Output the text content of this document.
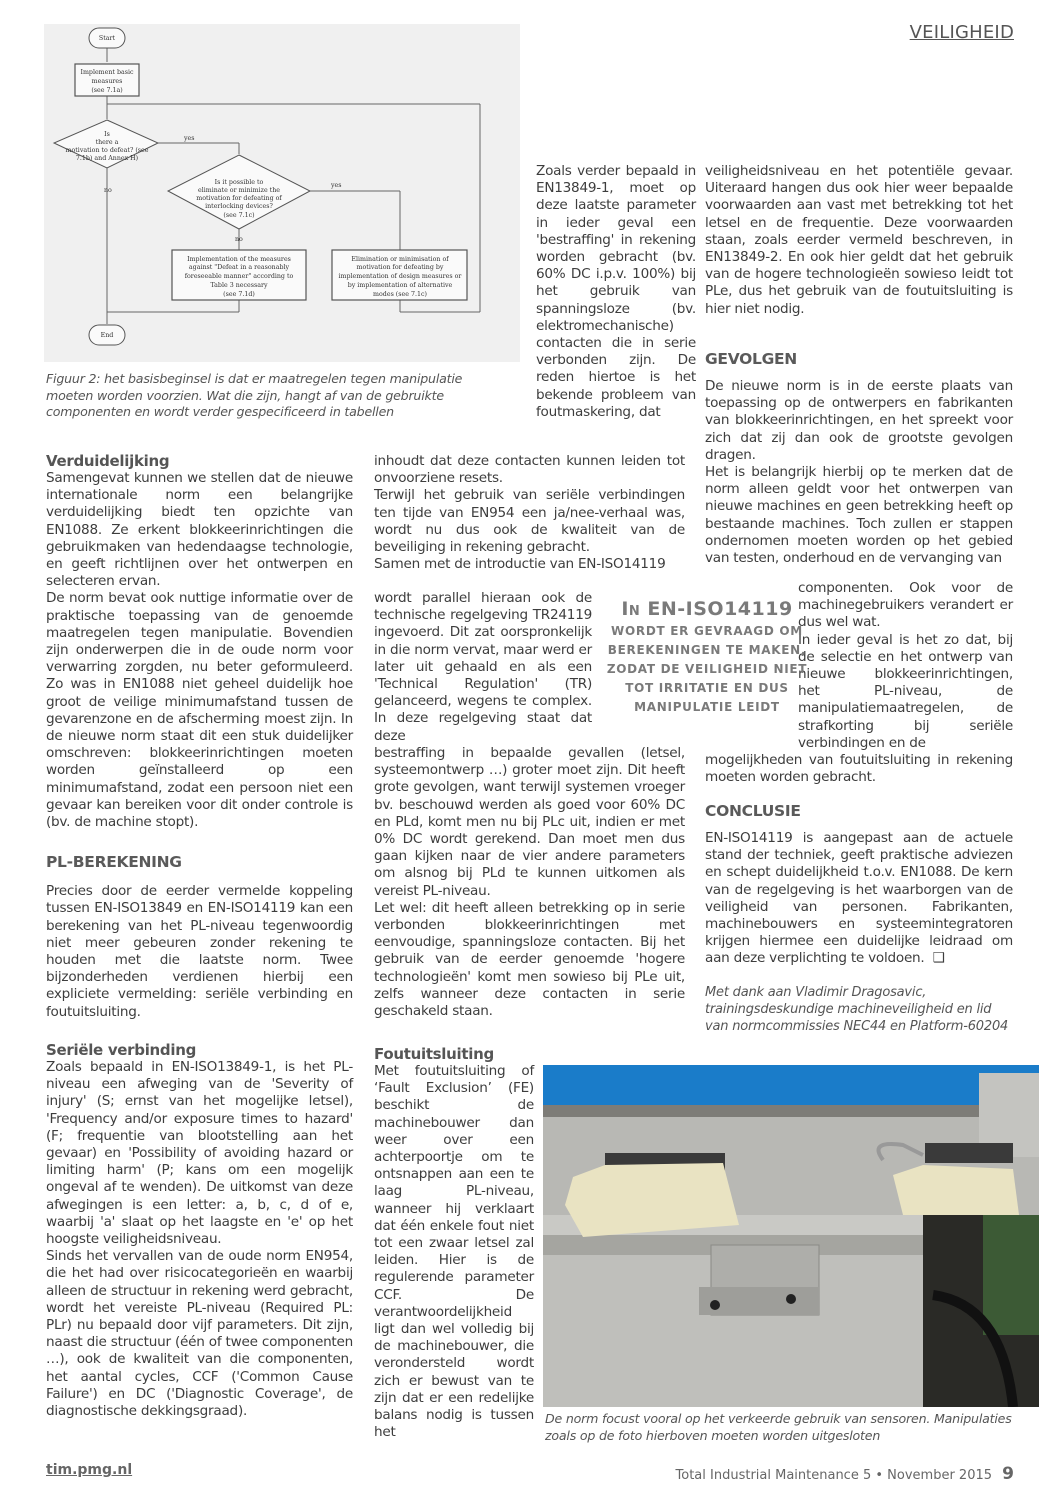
VEILIGHEID
Start
Implement basic
measures
(see 7.1a)
Is
there a
motivation to defeat? (see
7.1b) and Annex H)
yes
no
Is it possible to
eliminate or minimize the
motivation for defeating of
interlocking devices?
(see 7.1c)
yes
no
Implementation of the measures
against "Defeat in a reasonably
foreseeable manner" according to
Table 3 necessary
(see 7.1d)
Elimination or minimisation of
motivation for defeating by
implementation of design measures or
by implementation of alternative
modes (see 7.1c)
End
Figuur 2: het basisbeginsel is dat er maatregelen tegen manipulatie moeten worden voorzien. Wat die zijn, hangt af van de gebruikte componenten en wordt verder gespecificeerd in tabellen
Zoals verder bepaald in EN13849-1, moet op deze laatste parameter in ieder geval een 'bestraffing' in rekening worden gebracht (bv. 60% DC i.p.v. 100%) bij het gebruik van spanningsloze (bv. elektromechanische) contacten die in serie verbonden zijn. De reden hiertoe is het bekende probleem van foutmaskering, dat
veiligheidsniveau en het potentiële gevaar. Uiteraard hangen dus ook hier weer bepaalde voorwaarden aan vast met betrekking tot het letsel en de frequentie. Deze voorwaarden staan, zoals eerder vermeld beschreven, in EN13849-2. En ook hier geldt dat het gebruik van de hogere technologieën sowieso leidt tot PLe, dus het gebruik van de foutuitsluiting is hier niet nodig.
GEVOLGEN

De nieuwe norm is in de eerste plaats van toepassing op de ontwerpers en fabrikanten van blokkeerinrichtingen, en het spreekt voor zich dat zij dan ook de grootste gevolgen dragen.

Het is belangrijk hierbij op te merken dat de norm alleen geldt voor het ontwerpen van nieuwe machines en geen betrekking heeft op bestaande machines. Toch zullen er stappen ondernomen moeten worden op het gebied van testen, onderhoud en de vervanging van

componenten. Ook voor de machinegebruikers verandert er dus wel wat.

In ieder geval is het zo dat, bij de selectie en het ontwerp van nieuwe blokkeerinrichtingen, het PL-niveau, de manipulatiemaatregelen, de strafkorting bij seriële verbindingen en de

mogelijkheden van foutuitsluiting in rekening moeten worden gebracht.
CONCLUSIE
EN-ISO14119 is aangepast aan de actuele stand der techniek, geeft praktische adviezen en schept duidelijkheid t.o.v. EN1088. De kern van de regelgeving is het waarborgen van de veiligheid van personen. Fabrikanten, machinebouwers en systeemintegratoren krijgen hiermee een duidelijke leidraad om aan deze verplichting te voldoen. ❑
Met dank aan Vladimir Dragosavic, trainingsdeskundige machineveiligheid en lid van normcommissies NEC44 en Platform-60204
Verduidelijking

Samengevat kunnen we stellen dat de nieuwe internationale norm een belangrijke verduidelijking biedt ten opzichte van EN1088. Ze erkent blokkeerinrichtingen die gebruikmaken van hedendaagse technologie, en geeft richtlijnen over het ontwerpen en selecteren ervan.

De norm bevat ook nuttige informatie over de praktische toepassing van de genoemde maatregelen tegen manipulatie. Bovendien zijn onderwerpen die in de oude norm voor verwarring zorgden, nu beter geformuleerd. Zo was in EN1088 niet geheel duidelijk hoe groot de veilige minimumafstand tussen de gevarenzone en de afscherming moest zijn. In de nieuwe norm staat dit een stuk duidelijker omschreven: blokkeerinrichtingen moeten worden geïnstalleerd op een minimumafstand, zodat een persoon niet een gevaar kan bereiken voor dit onder controle is (bv. de machine stopt).

PL-BEREKENING

Precies door de eerder vermelde koppeling tussen EN-ISO13849 en EN-ISO14119 kan een berekening van het PL-niveau tegenwoordig niet meer gebeuren zonder rekening te houden met die laatste norm. Twee bijzonderheden verdienen hierbij een expliciete vermelding: seriële verbinding en foutuitsluiting.

Seriële verbinding

Zoals bepaald in EN-ISO13849-1, is het PL-niveau een afweging van de 'Severity of injury' (S; ernst van het mogelijke letsel), 'Frequency and/or exposure times to hazard' (F; frequentie van blootstelling aan het gevaar) en 'Possibility of avoiding hazard or limiting harm' (P; kans om een mogelijk ongeval af te wenden). De uitkomst van deze afwegingen is een letter: a, b, c, d of e, waarbij 'a' slaat op het laagste en 'e' op het hoogste veiligheidsniveau.

Sinds het vervallen van de oude norm EN954, die het had over risicocategorieën en waarbij alleen de structuur in rekening werd gebracht, wordt het vereiste PL-niveau (Required PL: PLr) nu bepaald door vijf parameters. Dit zijn, naast die structuur (één of twee componenten …), ook de kwaliteit van die componenten, het aantal cycles, CCF ('Common Cause Failure') en DC ('Diagnostic Coverage', de diagnostische dekkingsgraad).

inhoudt dat deze contacten kunnen leiden tot onvoorziene resets.

Terwijl het gebruik van seriële verbindingen ten tijde van EN954 een ja/nee-verhaal was, wordt nu dus ook de kwaliteit van de beveiliging in rekening gebracht.

Samen met de introductie van EN-ISO14119

wordt parallel hieraan ook de technische regelgeving TR24119 ingevoerd. Dit zat oorspronkelijk in die norm vervat, maar werd er later uit gehaald en als een 'Technical Regulation' (TR) gelanceerd, wegens te complex. In deze regelgeving staat dat deze

bestraffing in bepaalde gevallen (letsel, systeemontwerp …) groter moet zijn. Dit heeft grote gevolgen, want terwijl systemen vroeger bv. beschouwd werden als goed voor 60% DC en PLd, komt men nu bij PLc uit, indien er met 0% DC wordt gerekend. Dan moet men dus gaan kijken naar de vier andere parameters om alsnog bij PLd te kunnen uitkomen als vereist PL-niveau.

Let wel: dit heeft alleen betrekking op in serie verbonden blokkeerinrichtingen met eenvoudige, spanningsloze contacten. Bij het gebruik van de eerder genoemde 'hogere technologieën' komt men sowieso bij PLe uit, zelfs wanneer deze contacten in serie geschakeld staan.

In EN-ISO14119
WORDT ER GEVRAAGD OM BEREKENINGEN TE MAKEN, ZODAT DE VEILIGHEID NIET TOT IRRITATIE EN DUS MANIPULATIE LEIDT
Foutuitsluiting
Met foutuitsluiting of ‘Fault Exclusion’ (FE) beschikt de machinebouwer dan weer over een achterpoortje om te ontsnappen aan een te laag PL-niveau, wanneer hij verklaart dat één enkele fout niet tot een zwaar letsel zal leiden. Hier is de regulerende parameter CCF. De verantwoordelijkheid ligt dan wel volledig bij de machinebouwer, die verondersteld wordt zich er bewust van te zijn dat er een redelijke balans nodig is tussen het
De norm focust vooral op het verkeerde gebruik van sensoren. Manipulaties zoals op de foto hierboven moeten worden uitgesloten
tim.pmg.nl	Total Industrial Maintenance 5 • November 2015 9
